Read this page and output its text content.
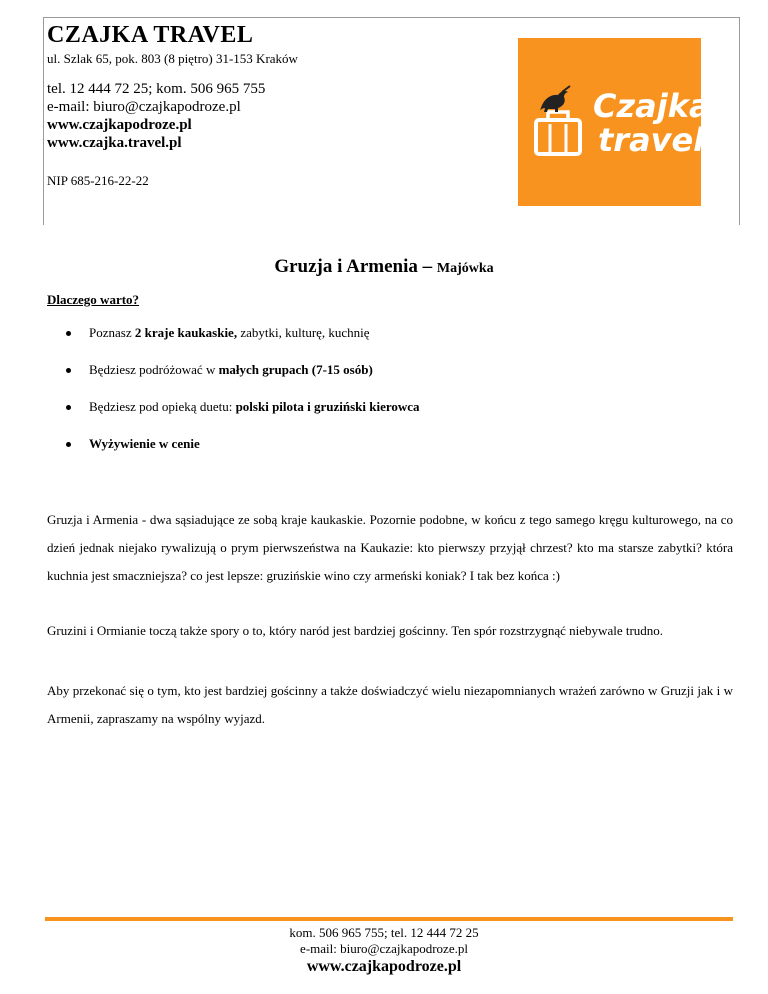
CZAJKA TRAVEL
ul. Szlak 65, pok. 803 (8 piętro) 31-153 Kraków
tel. 12 444 72 25; kom. 506 965 755
e-mail: biuro@czajkapodroze.pl
www.czajkapodroze.pl
www.czajka.travel.pl
NIP 685-216-22-22
Czajka
travel
Gruzja i Armenia – Majówka
Dlaczego warto?
Poznasz 2 kraje kaukaskie, zabytki, kulturę, kuchnię
Będziesz podróżować w małych grupach (7-15 osób)
Będziesz pod opieką duetu: polski pilota i gruziński kierowca
Wyżywienie w cenie

Gruzja i Armenia - dwa sąsiadujące ze sobą kraje kaukaskie. Pozornie podobne, w końcu z tego samego kręgu kulturowego, na co dzień jednak niejako rywalizują o prym pierwszeństwa na Kaukazie: kto pierwszy przyjął chrzest? kto ma starsze zabytki? która kuchnia jest smaczniejsza? co jest lepsze: gruzińskie wino czy armeński koniak? I tak bez końca :)

Gruzini i Ormianie toczą także spory o to, który naród jest bardziej gościnny. Ten spór rozstrzygnąć niebywale trudno.

Aby przekonać się o tym, kto jest bardziej gościnny a także doświadczyć wielu niezapomnianych wrażeń zarówno w Gruzji jak i w Armenii, zapraszamy na wspólny wyjazd.

kom. 506 965 755; tel. 12 444 72 25
e-mail: biuro@czajkapodroze.pl
www.czajkapodroze.pl
